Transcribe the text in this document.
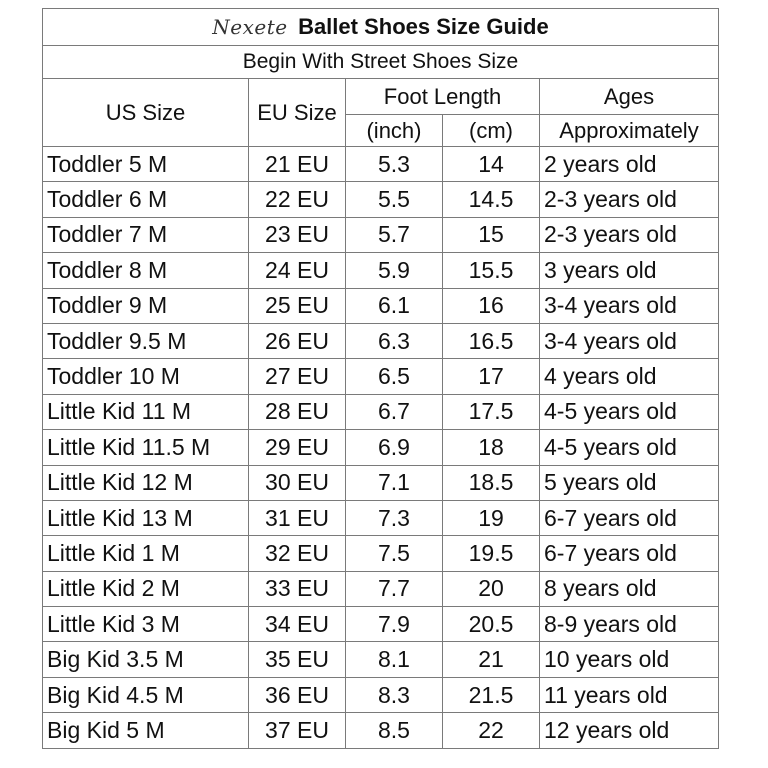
Nexete Ballet Shoes Size Guide				
Begin With Street Shoes Size				
US Size	EU Size	Foot Length		Ages
		(inch)	(cm)	Approximately
Toddler 5 M	21 EU	5.3	14	2 years old
Toddler 6 M	22 EU	5.5	14.5	2-3 years old
Toddler 7 M	23 EU	5.7	15	2-3 years old
Toddler 8 M	24 EU	5.9	15.5	3 years old
Toddler 9 M	25 EU	6.1	16	3-4 years old
Toddler 9.5 M	26 EU	6.3	16.5	3-4 years old
Toddler 10 M	27 EU	6.5	17	4 years old
Little Kid 11 M	28 EU	6.7	17.5	4-5 years old
Little Kid 11.5 M	29 EU	6.9	18	4-5 years old
Little Kid 12 M	30 EU	7.1	18.5	5 years old
Little Kid 13 M	31 EU	7.3	19	6-7 years old
Little Kid 1 M	32 EU	7.5	19.5	6-7 years old
Little Kid 2 M	33 EU	7.7	20	8 years old
Little Kid 3 M	34 EU	7.9	20.5	8-9 years old
Big Kid 3.5 M	35 EU	8.1	21	10 years old
Big Kid 4.5 M	36 EU	8.3	21.5	11 years old
Big Kid 5 M	37 EU	8.5	22	12 years old
